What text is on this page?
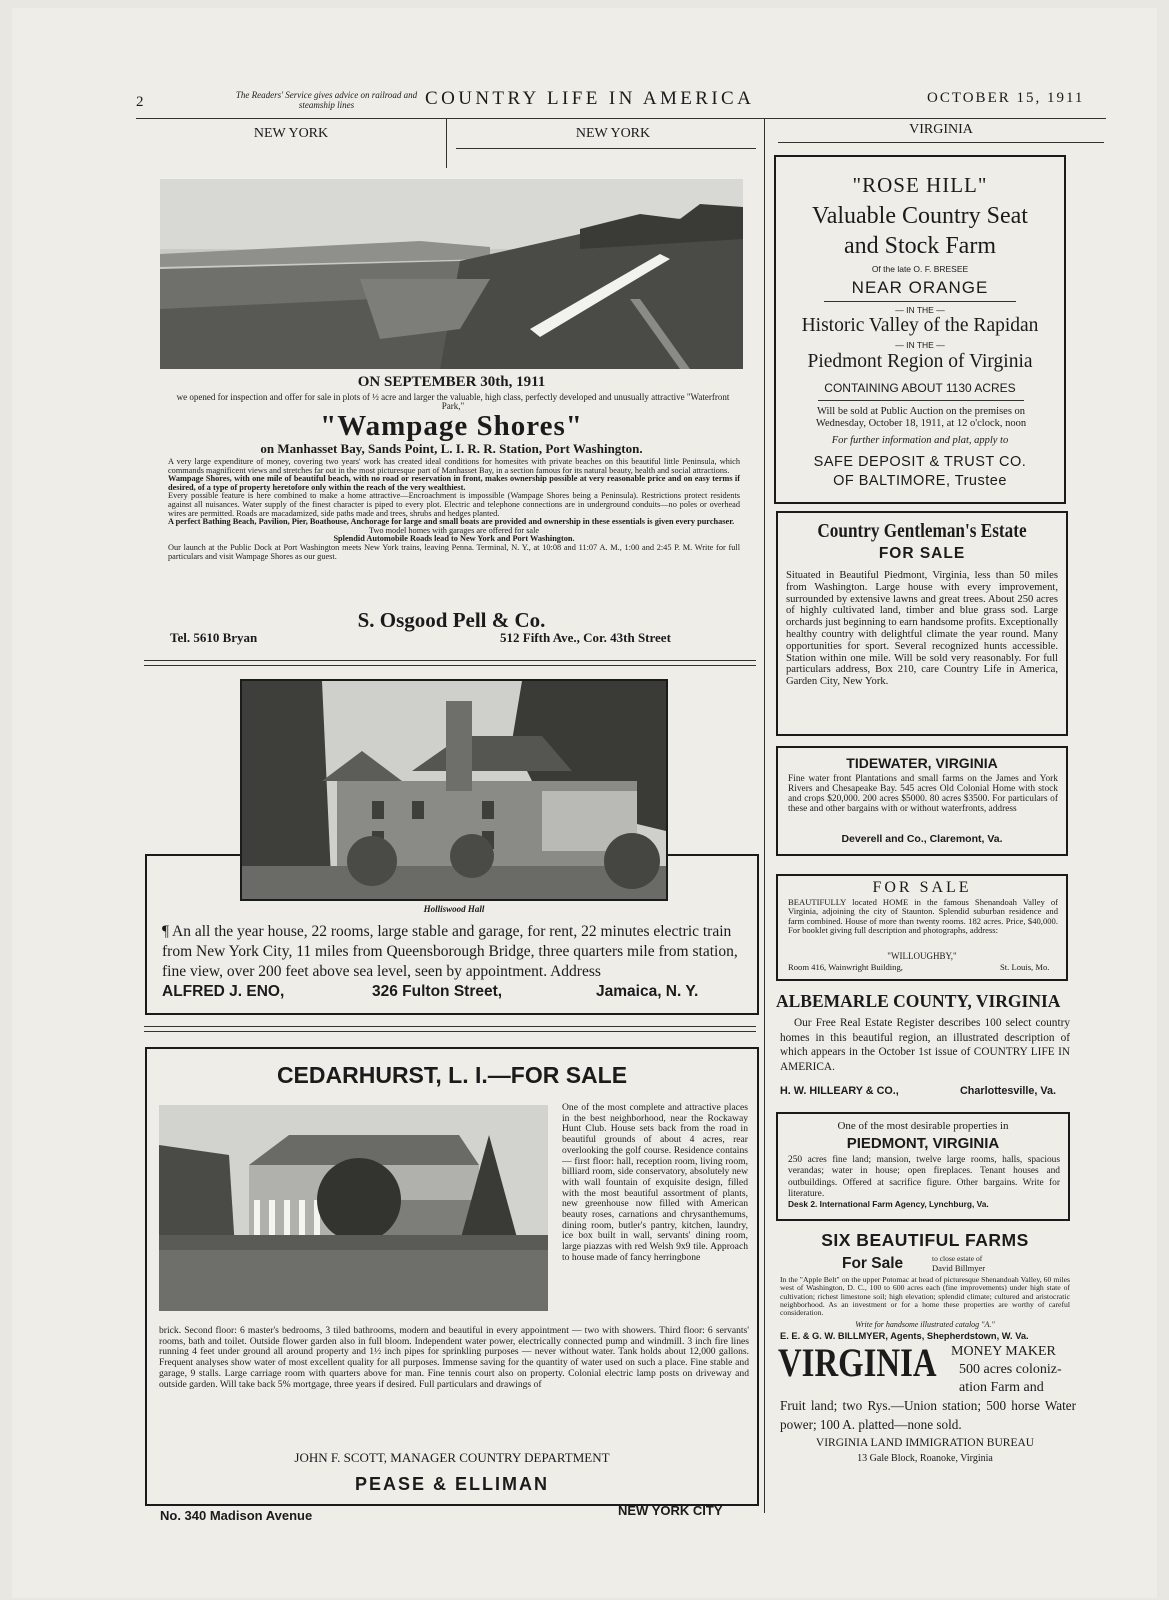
2	The Readers' Service gives advice on railroad and steamship lines	COUNTRY LIFE IN AMERICA	OCTOBER 15, 1911
NEW YORK	NEW YORK	VIRGINIA
ON SEPTEMBER 30th, 1911
we opened for inspection and offer for sale in plots of ½ acre and larger the valuable, high class, perfectly developed and unusually attractive "Waterfront Park,"
"Wampage Shores"
on Manhasset Bay, Sands Point, L. I. R. R. Station, Port Washington.

A very large expenditure of money, covering two years' work has created ideal conditions for homesites with private beaches on this beautiful little Peninsula, which commands magnificent views and stretches far out in the most picturesque part of Manhasset Bay, in a section famous for its natural beauty, health and social attractions.

Wampage Shores, with one mile of beautiful beach, with no road or reservation in front, makes ownership possible at very reasonable price and on easy terms if desired, of a type of property heretofore only within the reach of the very wealthiest.

Every possible feature is here combined to make a home attractive—Encroachment is impossible (Wampage Shores being a Peninsula). Restrictions protect residents against all nuisances. Water supply of the finest character is piped to every plot. Electric and telephone connections are in underground conduits—no poles or overhead wires are permitted. Roads are macadamized, side paths made and trees, shrubs and hedges planted.

A perfect Bathing Beach, Pavilion, Pier, Boathouse, Anchorage for large and small boats are provided and ownership in these essentials is given every purchaser.

Two model homes with garages are offered for sale

Splendid Automobile Roads lead to New York and Port Washington.

Our launch at the Public Dock at Port Washington meets New York trains, leaving Penna. Terminal, N. Y., at 10:08 and 11:07 A. M., 1:00 and 2:45 P. M. Write for full particulars and visit Wampage Shores as our guest.

S. Osgood Pell & Co.
Tel. 5610 Bryan	512 Fifth Ave., Cor. 43th Street
Holliswood Hall
¶ An all the year house, 22 rooms, large stable and garage, for rent, 22 minutes electric train from New York City, 11 miles from Queensborough Bridge, three quarters mile from station, fine view, over 200 feet above sea level, seen by appointment. Address
ALFRED J. ENO,	326 Fulton Street,	Jamaica, N. Y.
CEDARHURST, L. I.—FOR SALE
One of the most complete and attractive places in the best neighborhood, near the Rockaway Hunt Club. House sets back from the road in beautiful grounds of about 4 acres, rear overlooking the golf course. Residence contains — first floor: hall, reception room, living room, billiard room, side conservatory, absolutely new with wall fountain of exquisite design, filled with the most beautiful assortment of plants, new greenhouse now filled with American beauty roses, carnations and chrysanthemums, dining room, butler's pantry, kitchen, laundry, ice box built in wall, servants' dining room, large piazzas with red Welsh 9x9 tile. Approach to house made of fancy herringbone
brick. Second floor: 6 master's bedrooms, 3 tiled bathrooms, modern and beautiful in every appointment — two with showers. Third floor: 6 servants' rooms, bath and toilet. Outside flower garden also in full bloom. Independent water power, electrically connected pump and windmill. 3 inch fire lines running 4 feet under ground all around property and 1½ inch pipes for sprinkling purposes — never without water. Tank holds about 12,000 gallons. Frequent analyses show water of most excellent quality for all purposes. Immense saving for the quantity of water used on such a place. Fine stable and garage, 9 stalls. Large carriage room with quarters above for man. Fine tennis court also on property. Colonial electric lamp posts on driveway and outside garden. Will take back 5% mortgage, three years if desired. Full particulars and drawings of
JOHN F. SCOTT, MANAGER COUNTRY DEPARTMENT
PEASE & ELLIMAN
No. 340 Madison Avenue	NEW YORK CITY
"ROSE HILL"
Valuable Country Seat
and Stock Farm
Of the late O. F. BRESEE
NEAR ORANGE
— IN THE —
Historic Valley of the Rapidan
— IN THE —
Piedmont Region of Virginia
CONTAINING ABOUT 1130 ACRES
Will be sold at Public Auction on the premises on Wednesday, October 18, 1911, at 12 o'clock, noon
For further information and plat, apply to
SAFE DEPOSIT & TRUST CO.
OF BALTIMORE, Trustee
Country Gentleman's Estate
FOR SALE
Situated in Beautiful Piedmont, Virginia, less than 50 miles from Washington. Large house with every improvement, surrounded by extensive lawns and great trees. About 250 acres of highly cultivated land, timber and blue grass sod. Large orchards just beginning to earn handsome profits. Exceptionally healthy country with delightful climate the year round. Many opportunities for sport. Several recognized hunts accessible. Station within one mile. Will be sold very reasonably. For full particulars address, Box 210, care Country Life in America, Garden City, New York.
TIDEWATER, VIRGINIA
Fine water front Plantations and small farms on the James and York Rivers and Chesapeake Bay. 545 acres Old Colonial Home with stock and crops $20,000. 200 acres $5000. 80 acres $3500. For particulars of these and other bargains with or without waterfronts, address
Deverell and Co., Claremont, Va.
FOR SALE
BEAUTIFULLY located HOME in the famous Shenandoah Valley of Virginia, adjoining the city of Staunton. Splendid suburban residence and farm combined. House of more than twenty rooms. 182 acres. Price, $40,000. For booklet giving full description and photographs, address:
"WILLOUGHBY,"
Room 416, Wainwright Building,	St. Louis, Mo.
ALBEMARLE COUNTY, VIRGINIA
Our Free Real Estate Register describes 100 select country homes in this beautiful region, an illustrated description of which appears in the October 1st issue of COUNTRY LIFE IN AMERICA.
H. W. HILLEARY & CO.,	Charlottesville, Va.
One of the most desirable properties in
PIEDMONT, VIRGINIA
250 acres fine land; mansion, twelve large rooms, halls, spacious verandas; water in house; open fireplaces. Tenant houses and outbuildings. Offered at sacrifice figure. Other bargains. Write for literature.
Desk 2. International Farm Agency, Lynchburg, Va.
SIX BEAUTIFUL FARMS
For Sale	to close estate of
David Billmyer
In the "Apple Belt" on the upper Potomac at head of picturesque Shenandoah Valley, 60 miles west of Washington, D. C., 100 to 600 acres each (fine improvements) under high state of cultivation; richest limestone soil; high elevation; splendid climate; cultured and aristocratic neighborhood. As an investment or for a home these properties are worthy of careful consideration.
Write for handsome illustrated catalog "A."
E. E. & G. W. BILLMYER, Agents, Shepherdstown, W. Va.
VIRGINIA MONEY MAKER
500 acres coloniz-
ation Farm and
Fruit land; two Rys.—Union station; 500 horse Water power; 100 A. platted—none sold.
VIRGINIA LAND IMMIGRATION BUREAU
13 Gale Block, Roanoke, Virginia
